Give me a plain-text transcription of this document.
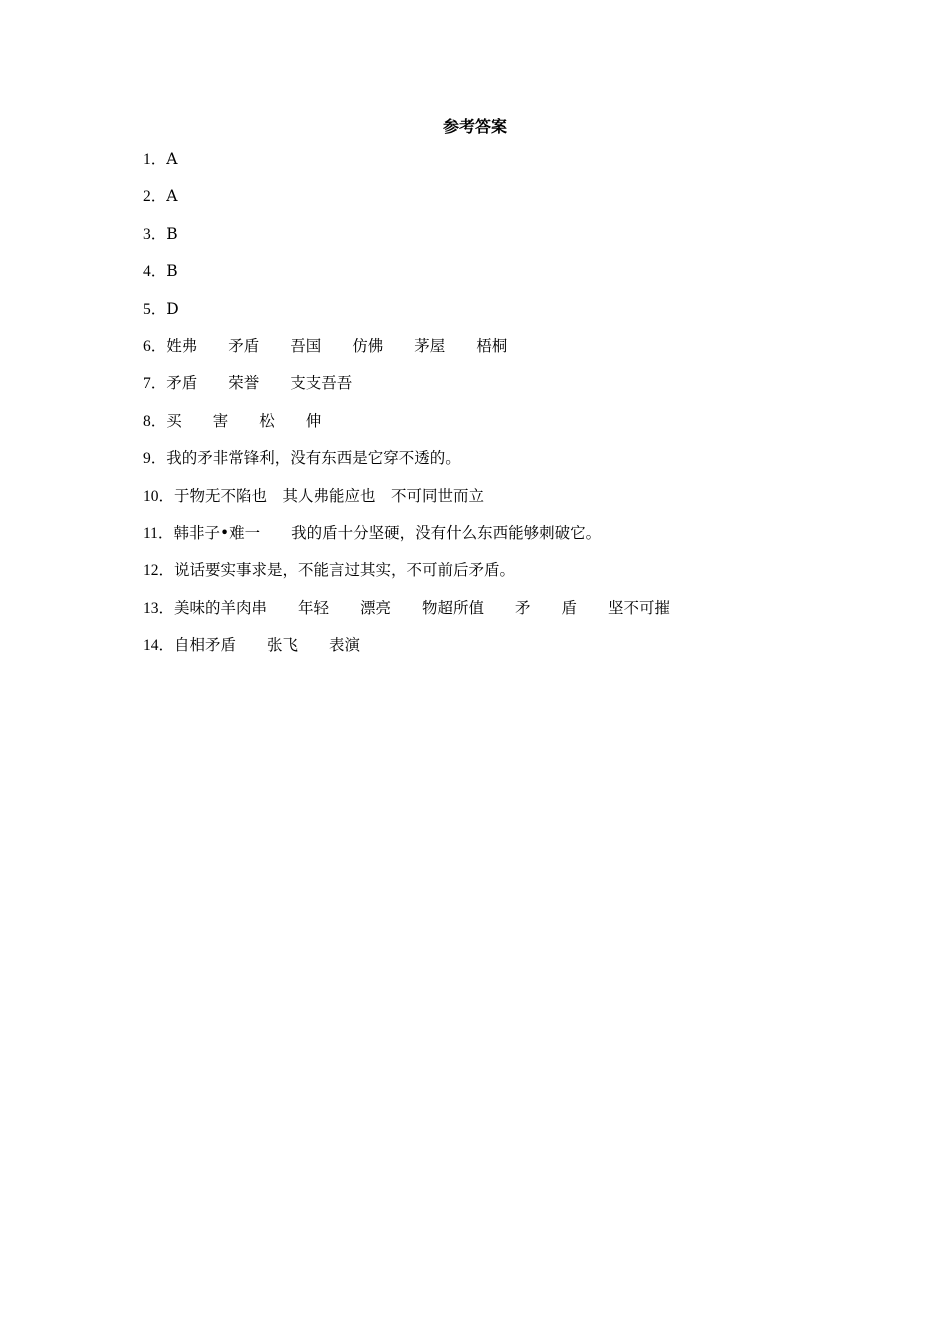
参考答案
1．A
2．A
3．B
4．B
5．D
6．姓弗　　矛盾　　吾国　　仿佛　　茅屋　　梧桐
7．矛盾　　荣誉　　支支吾吾
8．买　　害　　松　　伸
9．我的矛非常锋利，没有东西是它穿不透的。
10．于物无不陷也　其人弗能应也　不可同世而立
11．韩非子•难一　　我的盾十分坚硬，没有什么东西能够刺破它。
12．说话要实事求是，不能言过其实，不可前后矛盾。
13．美味的羊肉串　　年轻　　漂亮　　物超所值　　矛　　盾　　坚不可摧
14．自相矛盾　　张飞　　表演
